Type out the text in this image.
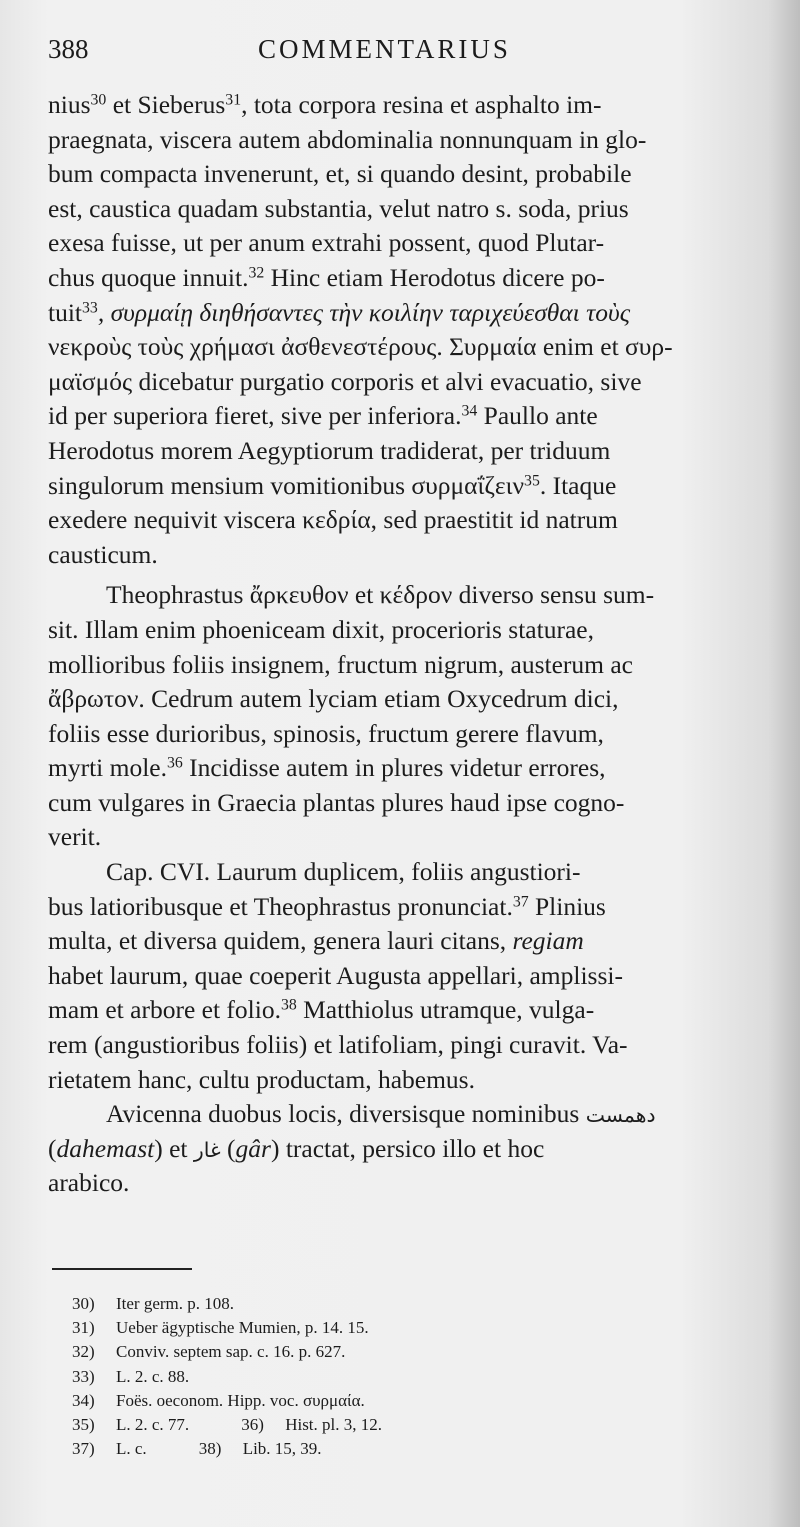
388	COMMENTARIUS
nius$^{30}$ et Sieberus$^{31}$, tota corpora resina et asphalto im-
praegnata, viscera autem abdominalia nonnunquam in glo-
bum compacta invenerunt, et, si quando desint, probabile
est, caustica quadam substantia, velut natro s. soda, prius
exesa fuisse, ut per anum extrahi possent, quod Plutar-
chus quoque innuit.$^{32}$ Hinc etiam Herodotus dicere po-
tuit$^{33}$, συρμαίῃ διηθήσαντες τὴν κοιλίην ταριχεύεσθαι τοὺς
νεκροὺς τοὺς χρήμασι ἀσθενεστέρους. Συρμαία enim et συρ-
μαϊσμός dicebatur purgatio corporis et alvi evacuatio, sive
id per superiora fieret, sive per inferiora.$^{34}$ Paullo ante
Herodotus morem Aegyptiorum tradiderat, per triduum
singulorum mensium vomitionibus συρμαΐζειν$^{35}$. Itaque
exedere nequivit viscera κεδρία, sed praestitit id natrum
causticum.
Theophrastus ἄρκευθον et κέδρον diverso sensu sum-
sit. Illam enim phoeniceam dixit, procerioris staturae,
mollioribus foliis insignem, fructum nigrum, austerum ac
ἄβρωτον. Cedrum autem lyciam etiam Oxycedrum dici,
foliis esse durioribus, spinosis, fructum gerere flavum,
myrti mole.$^{36}$ Incidisse autem in plures videtur errores,
cum vulgares in Graecia plantas plures haud ipse cogno-
verit.
Cap. CVI. Laurum duplicem, foliis angustiori-
bus latioribusque et Theophrastus pronunciat.$^{37}$ Plinius
multa, et diversa quidem, genera lauri citans, regiam
habet laurum, quae coeperit Augusta appellari, amplissi-
mam et arbore et folio.$^{38}$ Matthiolus utramque, vulga-
rem (angustioribus foliis) et latifoliam, pingi curavit. Va-
rietatem hanc, cultu productam, habemus.
Avicenna duobus locis, diversisque nominibus دهمست
(dahemast) et غار (gâr) tractat, persico illo et hoc
arabico.
30)	Iter germ. p. 108.
31)	Ueber ägyptische Mumien, p. 14. 15.
32)	Conviv. septem sap. c. 16. p. 627.
33)	L. 2. c. 88.
34)	Foës. oeconom. Hipp. voc. συρμαία.
35)	L. 2. c. 77.	36)	Hist. pl. 3, 12.
37)	L. c.	38)	Lib. 15, 39.
